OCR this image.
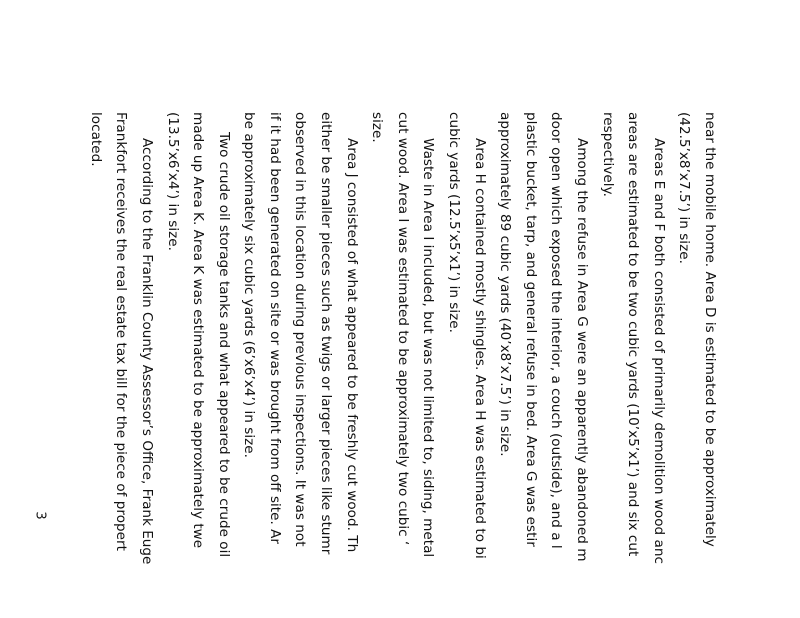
near the mobile home. Area D is estimated to be approximately
(42.5’x8’x7.5’) in size.
Areas E and F both consisted of primarily demolition wood anc
areas are estimated to be two cubic yards (10’x5’x1’) and six cut
respectively.
Among the refuse in Area G were an apparently abandoned m
door open which exposed the interior, a couch (outside), and a l
plastic bucket, tarp, and general refuse in bed. Area G was estir
approximately 89 cubic yards (40’x8’x7.5’) in size.
Area H contained mostly shingles. Area H was estimated to bi
cubic yards (12.5’x5’x1’) in size.
Waste in Area I included, but was not limited to, siding, metal
cut wood. Area I was estimated to be approximately two cubic ‘
size.
Area J consisted of what appeared to be freshly cut wood. Th
either be smaller pieces such as twigs or larger pieces like stumr
observed in this location during previous inspections. It was not
if it had been generated on site or was brought from off site. Ar
be approximately six cubic yards (6’x6’x4’) in size.
Two crude oil storage tanks and what appeared to be crude oil
made up Area K. Area K was estimated to be approximately twe
(13.5’x6’x4’) in size.
According to the Franklin County Assessor’s Office, Frank Euge
Frankfort receives the real estate tax bill for the piece of propert
located.
3
